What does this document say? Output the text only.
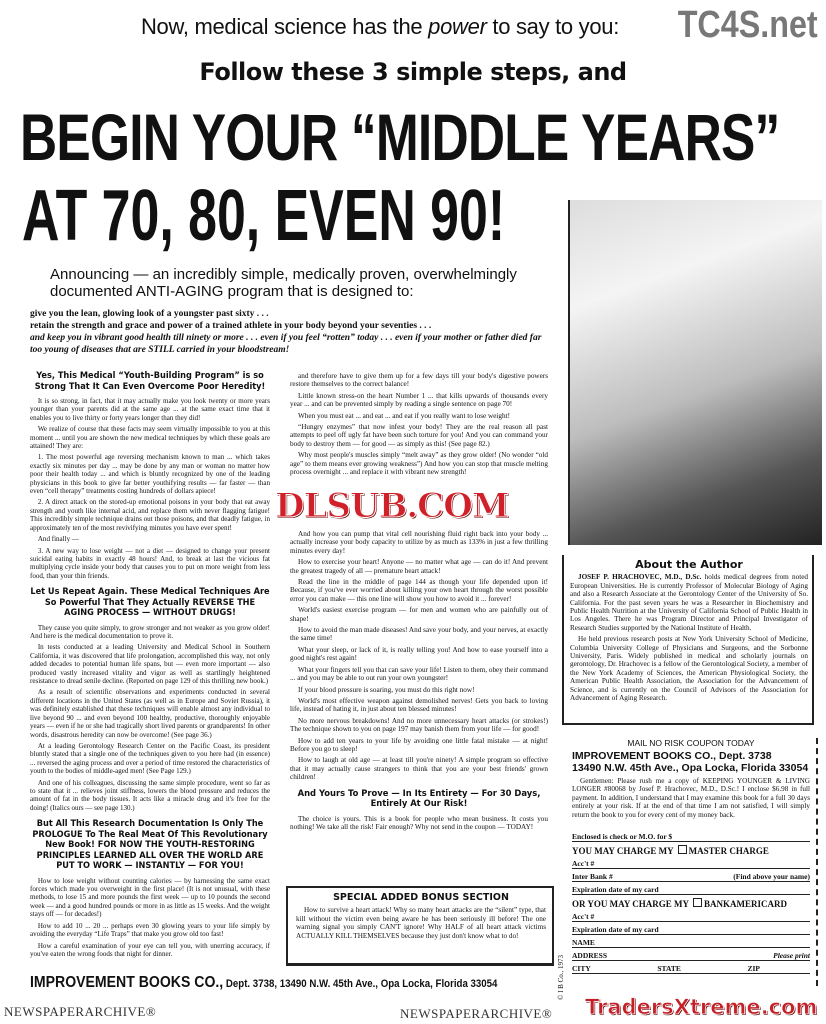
Now, medical science has the power to say to you:
Follow these 3 simple steps, and
BEGIN YOUR “MIDDLE YEARS”
AT 70, 80, EVEN 90!
Announcing — an incredibly simple, medically proven, overwhelmingly documented ANTI-AGING program that is designed to:
give you the lean, glowing look of a youngster past sixty . . .
retain the strength and grace and power of a trained athlete in your body beyond your seventies . . .
and keep you in vibrant good health till ninety or more . . . even if you feel “rotten” today . . . even if your mother or father died far too young of diseases that are STILL carried in your bloodstream!
Yes, This Medical “Youth-Building Program” is so Strong That It Can Even Overcome Poor Heredity!

It is so strong, in fact, that it may actually make you look twenty or more years younger than your parents did at the same age ... at the same exact time that it enables you to live thirty or forty years longer than they did!

We realize of course that these facts may seem virtually impossible to you at this moment ... until you are shown the new medical techniques by which these goals are attained! They are:

1. The most powerful age reversing mechanism known to man ... which takes exactly six minutes per day ... may be done by any man or woman no matter how poor their health today ... and which is bluntly recognized by one of the leading physicians in this book to give far better youthifying results — far faster — than even “cell therapy” treatments costing hundreds of dollars apiece!

2. A direct attack on the stored-up emotional poisons in your body that eat away strength and youth like internal acid, and replace them with never flagging fatigue! This incredibly simple technique drains out those poisons, and that deadly fatigue, in approximately ten of the most revivifying minutes you have ever spent!

And finally —

3. A new way to lose weight — not a diet — designed to change your present suicidal eating habits in exactly 48 hours! And, to break at last the vicious fat multiplying cycle inside your body that causes you to put on more weight from less food, than your thin friends.

Let Us Repeat Again. These Medical Techniques Are So Powerful That They Actually REVERSE THE AGING PROCESS — WITHOUT DRUGS!

They cause you quite simply, to grow stronger and not weaker as you grow older! And here is the medical documentation to prove it.

In tests conducted at a leading University and Medical School in Southern California, it was discovered that life prolongation, accomplished this way, not only added decades to potential human life spans, but — even more important — also produced vastly increased vitality and vigor as well as startlingly heightened resistance to dread senile decline. (Reported on page 129 of this thrilling new book.)

As a result of scientific observations and experiments conducted in several different locations in the United States (as well as in Europe and Soviet Russia), it was definitely established that these techniques will enable almost any individual to live beyond 90 ... and even beyond 100 healthy, productive, thoroughly enjoyable years — even if he or she had tragically short lived parents or grandparents! In other words, disastrous heredity can now be overcome! (See page 36.)

At a leading Gerontology Research Center on the Pacific Coast, its president bluntly stated that a single one of the techniques given to you here had (in essence) ... reversed the aging process and over a period of time restored the characteristics of youth to the bodies of middle-aged men! (See Page 129.)

And one of his colleagues, discussing the same simple procedure, went so far as to state that it ... relieves joint stiffness, lowers the blood pressure and reduces the amount of fat in the body tissues. It acts like a miracle drug and it's free for the doing! (Italics ours — see page 130.)

But All This Research Documentation Is Only The PROLOGUE To The Real Meat Of This Revolutionary New Book! FOR NOW THE YOUTH-RESTORING PRINCIPLES LEARNED ALL OVER THE WORLD ARE PUT TO WORK — INSTANTLY — FOR YOU!

How to lose weight without counting calories — by harnessing the same exact forces which made you overweight in the first place! (It is not unusual, with these methods, to lose 15 and more pounds the first week — up to 10 pounds the second week — and a good hundred pounds or more in as little as 15 weeks. And the weight stays off — for decades!)

How to add 10 ... 20 ... perhaps even 30 glowing years to your life simply by avoiding the everyday “Life Traps” that make you grow old too fast!

How a careful examination of your eye can tell you, with unerring accuracy, if you've eaten the wrong foods that night for dinner.

and therefore have to give them up for a few days till your body's digestive powers restore themselves to the correct balance!

Little known stress-on the heart Number 1 ... that kills upwards of thousands every year ... and can be prevented simply by reading a single sentence on page 70!

When you must eat ... and eat ... and eat if you really want to lose weight!

“Hungry enzymes” that now infest your body! They are the real reason all past attempts to peel off ugly fat have been such torture for you! And you can command your body to destroy them — for good — as simply as this! (See page 82.)

Why most people's muscles simply “melt away” as they grow older! (No wonder “old age” to them means ever growing weakness”) And how you can stop that muscle melting process overnight ... and replace it with vibrant new strength!

And how you can pump that vital cell nourishing fluid right back into your body ... actually increase your body capacity to utilize by as much as 133% in just a few thrilling minutes every day!

How to exercise your heart! Anyone — no matter what age — can do it! And prevent the greatest tragedy of all — premature heart attack!

Read the line in the middle of page 144 as though your life depended upon it! Because, if you've ever worried about killing your own heart through the worst possible error you can make — this one line will show you how to avoid it ... forever!

World's easiest exercise program — for men and women who are painfully out of shape!

How to avoid the man made diseases! And save your body, and your nerves, at exactly the same time!

What your sleep, or lack of it, is really telling you! And how to ease yourself into a good night's rest again!

What your fingers tell you that can save your life! Listen to them, obey their command ... and you may be able to out run your own youngster!

If your blood pressure is soaring, you must do this right now!

World's most effective weapon against demolished nerves! Gets you back to loving life, instead of hating it, in just about ten blessed minutes!

No more nervous breakdowns! And no more unnecessary heart attacks (or strokes!) The technique shown to you on page 197 may banish them from your life — for good!

How to add ten years to your life by avoiding one little fatal mistake — at night! Before you go to sleep!

How to laugh at old age — at least till you're ninety! A simple program so effective that it may actually cause strangers to think that you are your best friends' grown children!

And Yours To Prove — In Its Entirety — For 30 Days, Entirely At Our Risk!

The choice is yours. This is a book for people who mean business. It costs you nothing! We take all the risk! Fair enough? Why not send in the coupon — TODAY!

SPECIAL ADDED BONUS SECTION

How to survive a heart attack! Why so many heart attacks are the “silent” type, that kill without the victim even being aware he has been seriously ill before! The one warning signal you simply CAN'T ignore! Why HALF of all heart attack victims ACTUALLY KILL THEMSELVES because they just don't know what to do!

About the Author

JOSEF P. HRACHOVEC, M.D., D.Sc. holds medical degrees from noted European Universities. He is currently Professor of Molecular Biology of Aging and also a Research Associate at the Gerontology Center of the University of So. California. For the past seven years he was a Researcher in Biochemistry and Public Health Nutrition at the University of California School of Public Health in Los Angeles. There he was Program Director and Principal Investigator of Research Studies supported by the National Institute of Health.

He held previous research posts at New York University School of Medicine, Columbia University College of Physicians and Surgeons, and the Sorbonne University, Paris. Widely published in medical and scholarly journals on gerontology, Dr. Hrachovec is a fellow of the Gerontological Society, a member of the New York Academy of Sciences, the American Physiological Society, the American Public Health Association, the Association for the Advancement of Science, and is currently on the Council of Advisors of the Association for Advancement of Aging Research.

MAIL NO RISK COUPON TODAY
IMPROVEMENT BOOKS CO., Dept. 3738
13490 N.W. 45th Ave., Opa Locka, Florida 33054

Gentlemen: Please rush me a copy of KEEPING YOUNGER & LIVING LONGER #80068 by Josef P. Hrachovec, M.D., D.Sc.! I enclose $6.98 in full payment. In addition, I understand that I may examine this book for a full 30 days entirely at your risk. If at the end of that time I am not satisfied, I will simply return the book to you for every cent of my money back.

Enclosed is check or M.O. for $
YOU MAY CHARGE MY MASTER CHARGE
Acc't #
Inter Bank #	(Find above your name)
Expiration date of my card
OR YOU MAY CHARGE MY BANKAMERICARD
Acc't #
Expiration date of my card
NAME
ADDRESS	Please print
CITY	STATE	ZIP
IMPROVEMENT BOOKS CO., Dept. 3738, 13490 N.W. 45th Ave., Opa Locka, Florida 33054	© I B Co., 1973
TC4S.net
DLSUB.COM
TradersXtreme.com
NEWSPAPERARCHIVE®	NEWSPAPERARCHIVE®
